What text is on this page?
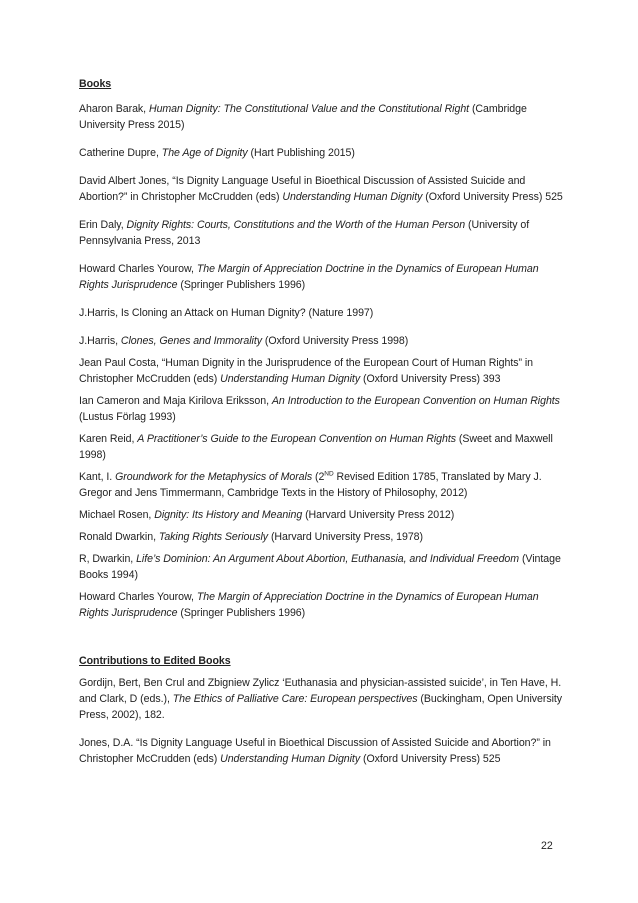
Books

Aharon Barak, Human Dignity: The Constitutional Value and the Constitutional Right (Cambridge University Press 2015)

Catherine Dupre, The Age of Dignity (Hart Publishing 2015)

David Albert Jones, “Is Dignity Language Useful in Bioethical Discussion of Assisted Suicide and Abortion?” in Christopher McCrudden (eds) Understanding Human Dignity (Oxford University Press) 525

Erin Daly, Dignity Rights: Courts, Constitutions and the Worth of the Human Person (University of Pennsylvania Press, 2013

Howard Charles Yourow, The Margin of Appreciation Doctrine in the Dynamics of European Human Rights Jurisprudence (Springer Publishers 1996)

J.Harris, Is Cloning an Attack on Human Dignity? (Nature 1997)

J.Harris, Clones, Genes and Immorality (Oxford University Press 1998)

Jean Paul Costa, “Human Dignity in the Jurisprudence of the European Court of Human Rights” in Christopher McCrudden (eds) Understanding Human Dignity (Oxford University Press) 393

Ian Cameron and Maja Kirilova Eriksson, An Introduction to the European Convention on Human Rights (Lustus Förlag 1993)

Karen Reid, A Practitioner’s Guide to the European Convention on Human Rights (Sweet and Maxwell 1998)

Kant, I. Groundwork for the Metaphysics of Morals (2ND Revised Edition 1785, Translated by Mary J. Gregor and Jens Timmermann, Cambridge Texts in the History of Philosophy, 2012)

Michael Rosen, Dignity: Its History and Meaning (Harvard University Press 2012)

Ronald Dwarkin, Taking Rights Seriously (Harvard University Press, 1978)

R, Dwarkin, Life’s Dominion: An Argument About Abortion, Euthanasia, and Individual Freedom (Vintage Books 1994)

Howard Charles Yourow, The Margin of Appreciation Doctrine in the Dynamics of European Human Rights Jurisprudence (Springer Publishers 1996)

Contributions to Edited Books

Gordijn, Bert, Ben Crul and Zbigniew Zylicz ‘Euthanasia and physician-assisted suicide’, in Ten Have, H. and Clark, D (eds.), The Ethics of Palliative Care: European perspectives (Buckingham, Open University Press, 2002), 182.

Jones, D.A. “Is Dignity Language Useful in Bioethical Discussion of Assisted Suicide and Abortion?” in Christopher McCrudden (eds) Understanding Human Dignity (Oxford University Press) 525

22
